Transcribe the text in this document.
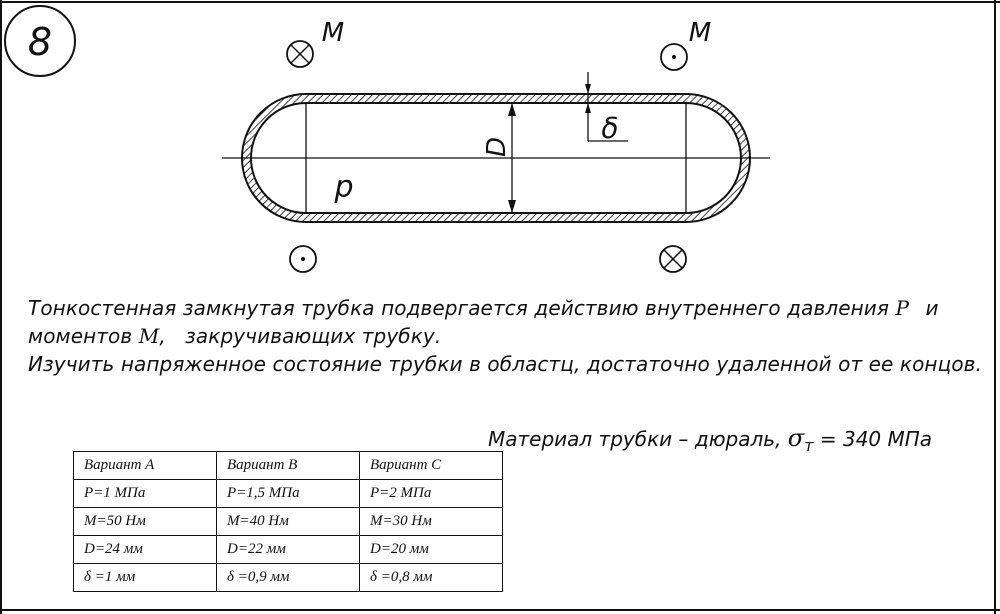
8
D
δ
p
M	M
Тонкостенная замкнутая трубка подвергается действию внутреннего давления P и
моментов M,   закручивающих трубку.
Изучить напряженное состояние трубки в областц, достаточно удаленной от ее концов.
Материал трубки – дюраль, $\sigma_т = 340$ МПа
Вариант А	Вариант B	Вариант C
P=1 МПа	P=1,5 МПа	P=2 МПа
M=50 Нм	M=40 Нм	M=30 Нм
D=24 мм	D=22 мм	D=20 мм
δ =1 мм	δ =0,9 мм	δ =0,8 мм
